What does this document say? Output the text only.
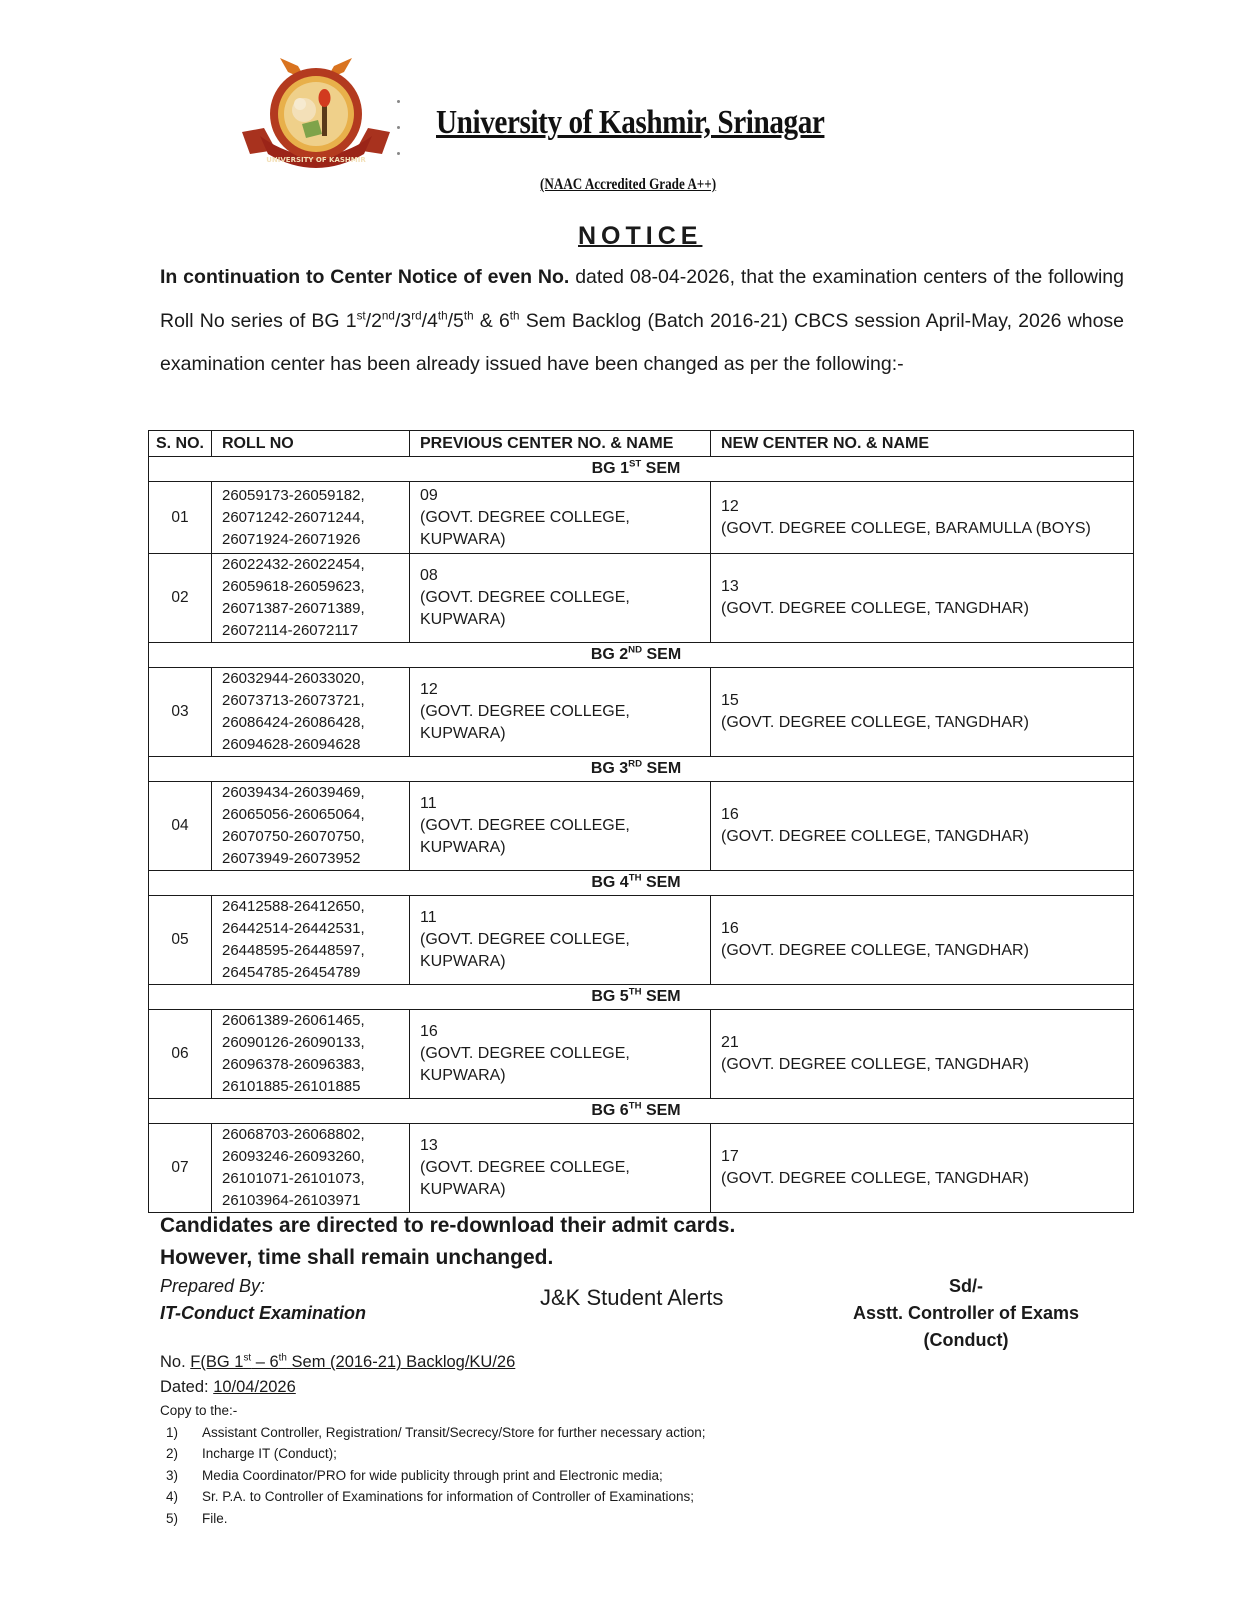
UNIVERSITY OF KASHMIR
University of Kashmir, Srinagar
(NAAC Accredited Grade A++)
NOTICE
In continuation to Center Notice of even No. dated 08-04-2026, that the examination centers of the following Roll No series of BG 1st/2nd/3rd/4th/5th & 6th Sem Backlog (Batch 2016-21) CBCS session April-May, 2026 whose examination center has been already issued have been changed as per the following:-
S. NO.	ROLL NO	PREVIOUS CENTER NO. & NAME	NEW CENTER NO. & NAME
BG 1ST SEM			
01	26059173-26059182,
26071242-26071244,
26071924-26071926	09
(GOVT. DEGREE COLLEGE,
KUPWARA)	12
(GOVT. DEGREE COLLEGE, BARAMULLA (BOYS)

02	26022432-26022454,
26059618-26059623,
26071387-26071389,
26072114-26072117	08
(GOVT. DEGREE COLLEGE,
KUPWARA)	13
(GOVT. DEGREE COLLEGE, TANGDHAR)

BG 2ND SEM			
03	26032944-26033020,
26073713-26073721,
26086424-26086428,
26094628-26094628	12
(GOVT. DEGREE COLLEGE,
KUPWARA)	15
(GOVT. DEGREE COLLEGE, TANGDHAR)

BG 3RD SEM			
04	26039434-26039469,
26065056-26065064,
26070750-26070750,
26073949-26073952	11
(GOVT. DEGREE COLLEGE,
KUPWARA)	16
(GOVT. DEGREE COLLEGE, TANGDHAR)

BG 4TH SEM			
05	26412588-26412650,
26442514-26442531,
26448595-26448597,
26454785-26454789	11
(GOVT. DEGREE COLLEGE,
KUPWARA)	16
(GOVT. DEGREE COLLEGE, TANGDHAR)

BG 5TH SEM			
06	26061389-26061465,
26090126-26090133,
26096378-26096383,
26101885-26101885	16
(GOVT. DEGREE COLLEGE,
KUPWARA)	21
(GOVT. DEGREE COLLEGE, TANGDHAR)

BG 6TH SEM			
07	26068703-26068802,
26093246-26093260,
26101071-26101073,
26103964-26103971	13
(GOVT. DEGREE COLLEGE,
KUPWARA)	17
(GOVT. DEGREE COLLEGE, TANGDHAR)
Candidates are directed to re-download their admit cards.
However, time shall remain unchanged.
Prepared By:
IT-Conduct Examination
J&K Student Alerts	Sd/-
Asstt. Controller of Exams
(Conduct)
No. F(BG 1st – 6th Sem (2016-21) Backlog/KU/26
Dated: 10/04/2026
Copy to the:-
1)	Assistant Controller, Registration/ Transit/Secrecy/Store for further necessary action;
2)	Incharge IT (Conduct);
3)	Media Coordinator/PRO for wide publicity through print and Electronic media;
4)	Sr. P.A. to Controller of Examinations for information of Controller of Examinations;
5)	File.
